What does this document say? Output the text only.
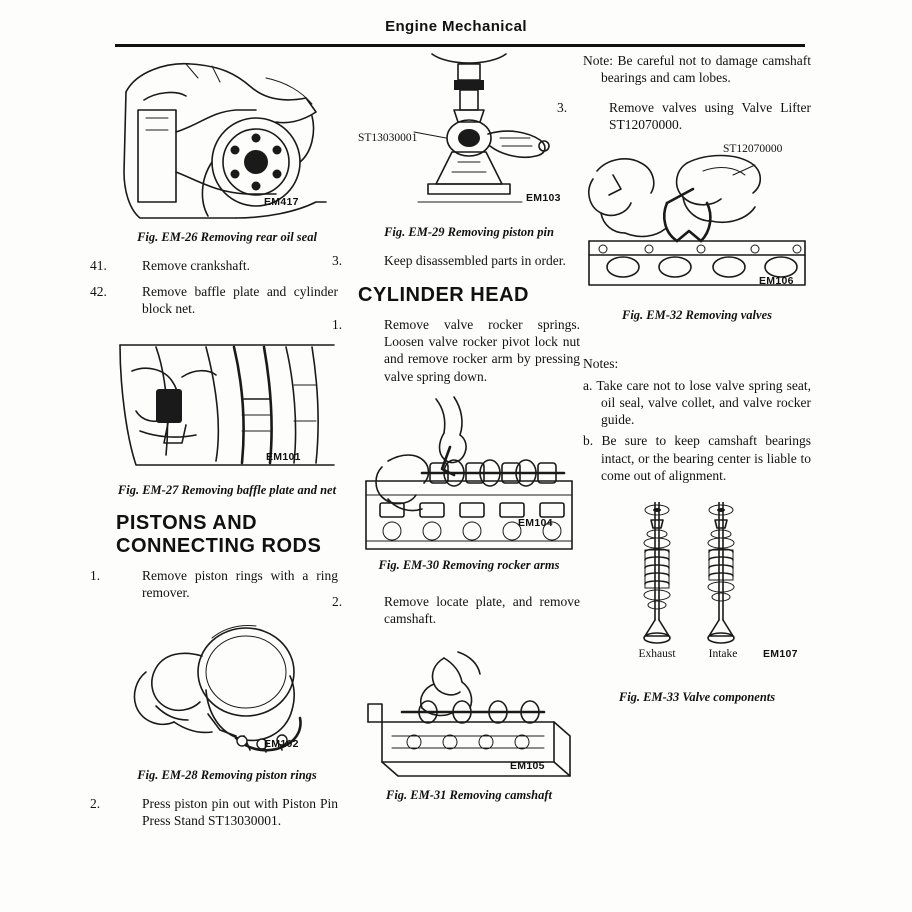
Engine Mechanical
EM417
Fig. EM-26 Removing rear oil seal

41.	Remove crankshaft.

42.	Remove baffle plate and cylinder block net.

EM101
Fig. EM-27 Removing baffle plate and net
PISTONS AND CONNECTING RODS

1.	Remove piston rings with a ring remover.

EM102
Fig. EM-28 Removing piston rings

2.	Press piston pin out with Piston Pin Press Stand ST13030001.

ST13030001
EM103
Fig. EM-29 Removing piston pin

3.	Keep disassembled parts in order.

CYLINDER HEAD

1.	Remove valve rocker springs. Loosen valve rocker pivot lock nut and remove rocker arm by pressing valve spring down.

EM104
Fig. EM-30 Removing rocker arms

2.	Remove locate plate, and remove camshaft.

EM105
Fig. EM-31 Removing camshaft

Note: Be careful not to damage camshaft bearings and cam lobes.

3.	Remove valves using Valve Lifter ST12070000.

ST12070000
EM106
Fig. EM-32 Removing valves

Notes:

a. Take care not to lose valve spring seat, oil seal, valve collet, and valve rocker guide.

b. Be sure to keep camshaft bearings intact, or the bearing center is liable to come out of alignment.

Exhaust	Intake	EM107
Fig. EM-33 Valve components
